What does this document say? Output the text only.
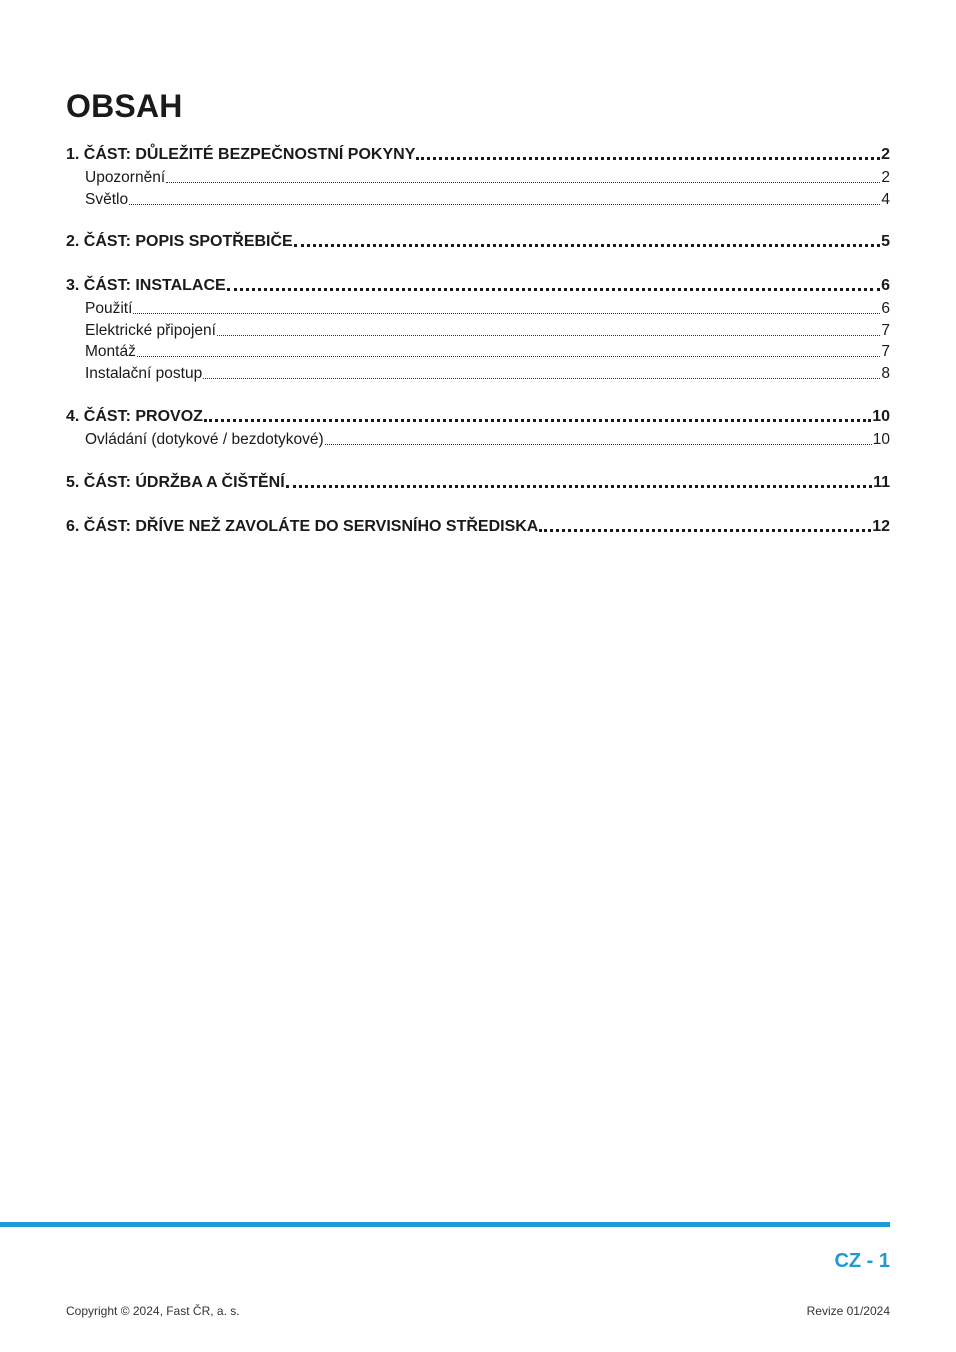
OBSAH
1. ČÁST: DŮLEŽITÉ BEZPEČNOSTNÍ POKYNY	2
Upozornění	2
Světlo	4
2. ČÁST: POPIS SPOTŘEBIČE	5
3. ČÁST: INSTALACE	6
Použití	6
Elektrické připojení	7
Montáž	7
Instalační postup	8
4. ČÁST: PROVOZ	10
Ovládání (dotykové / bezdotykové)	10
5. ČÁST: ÚDRŽBA A ČIŠTĚNÍ	11
6. ČÁST: DŘÍVE NEŽ ZAVOLÁTE DO SERVISNÍHO STŘEDISKA	12
CZ - 1
Copyright © 2024, Fast ČR, a. s.	Revize 01/2024
